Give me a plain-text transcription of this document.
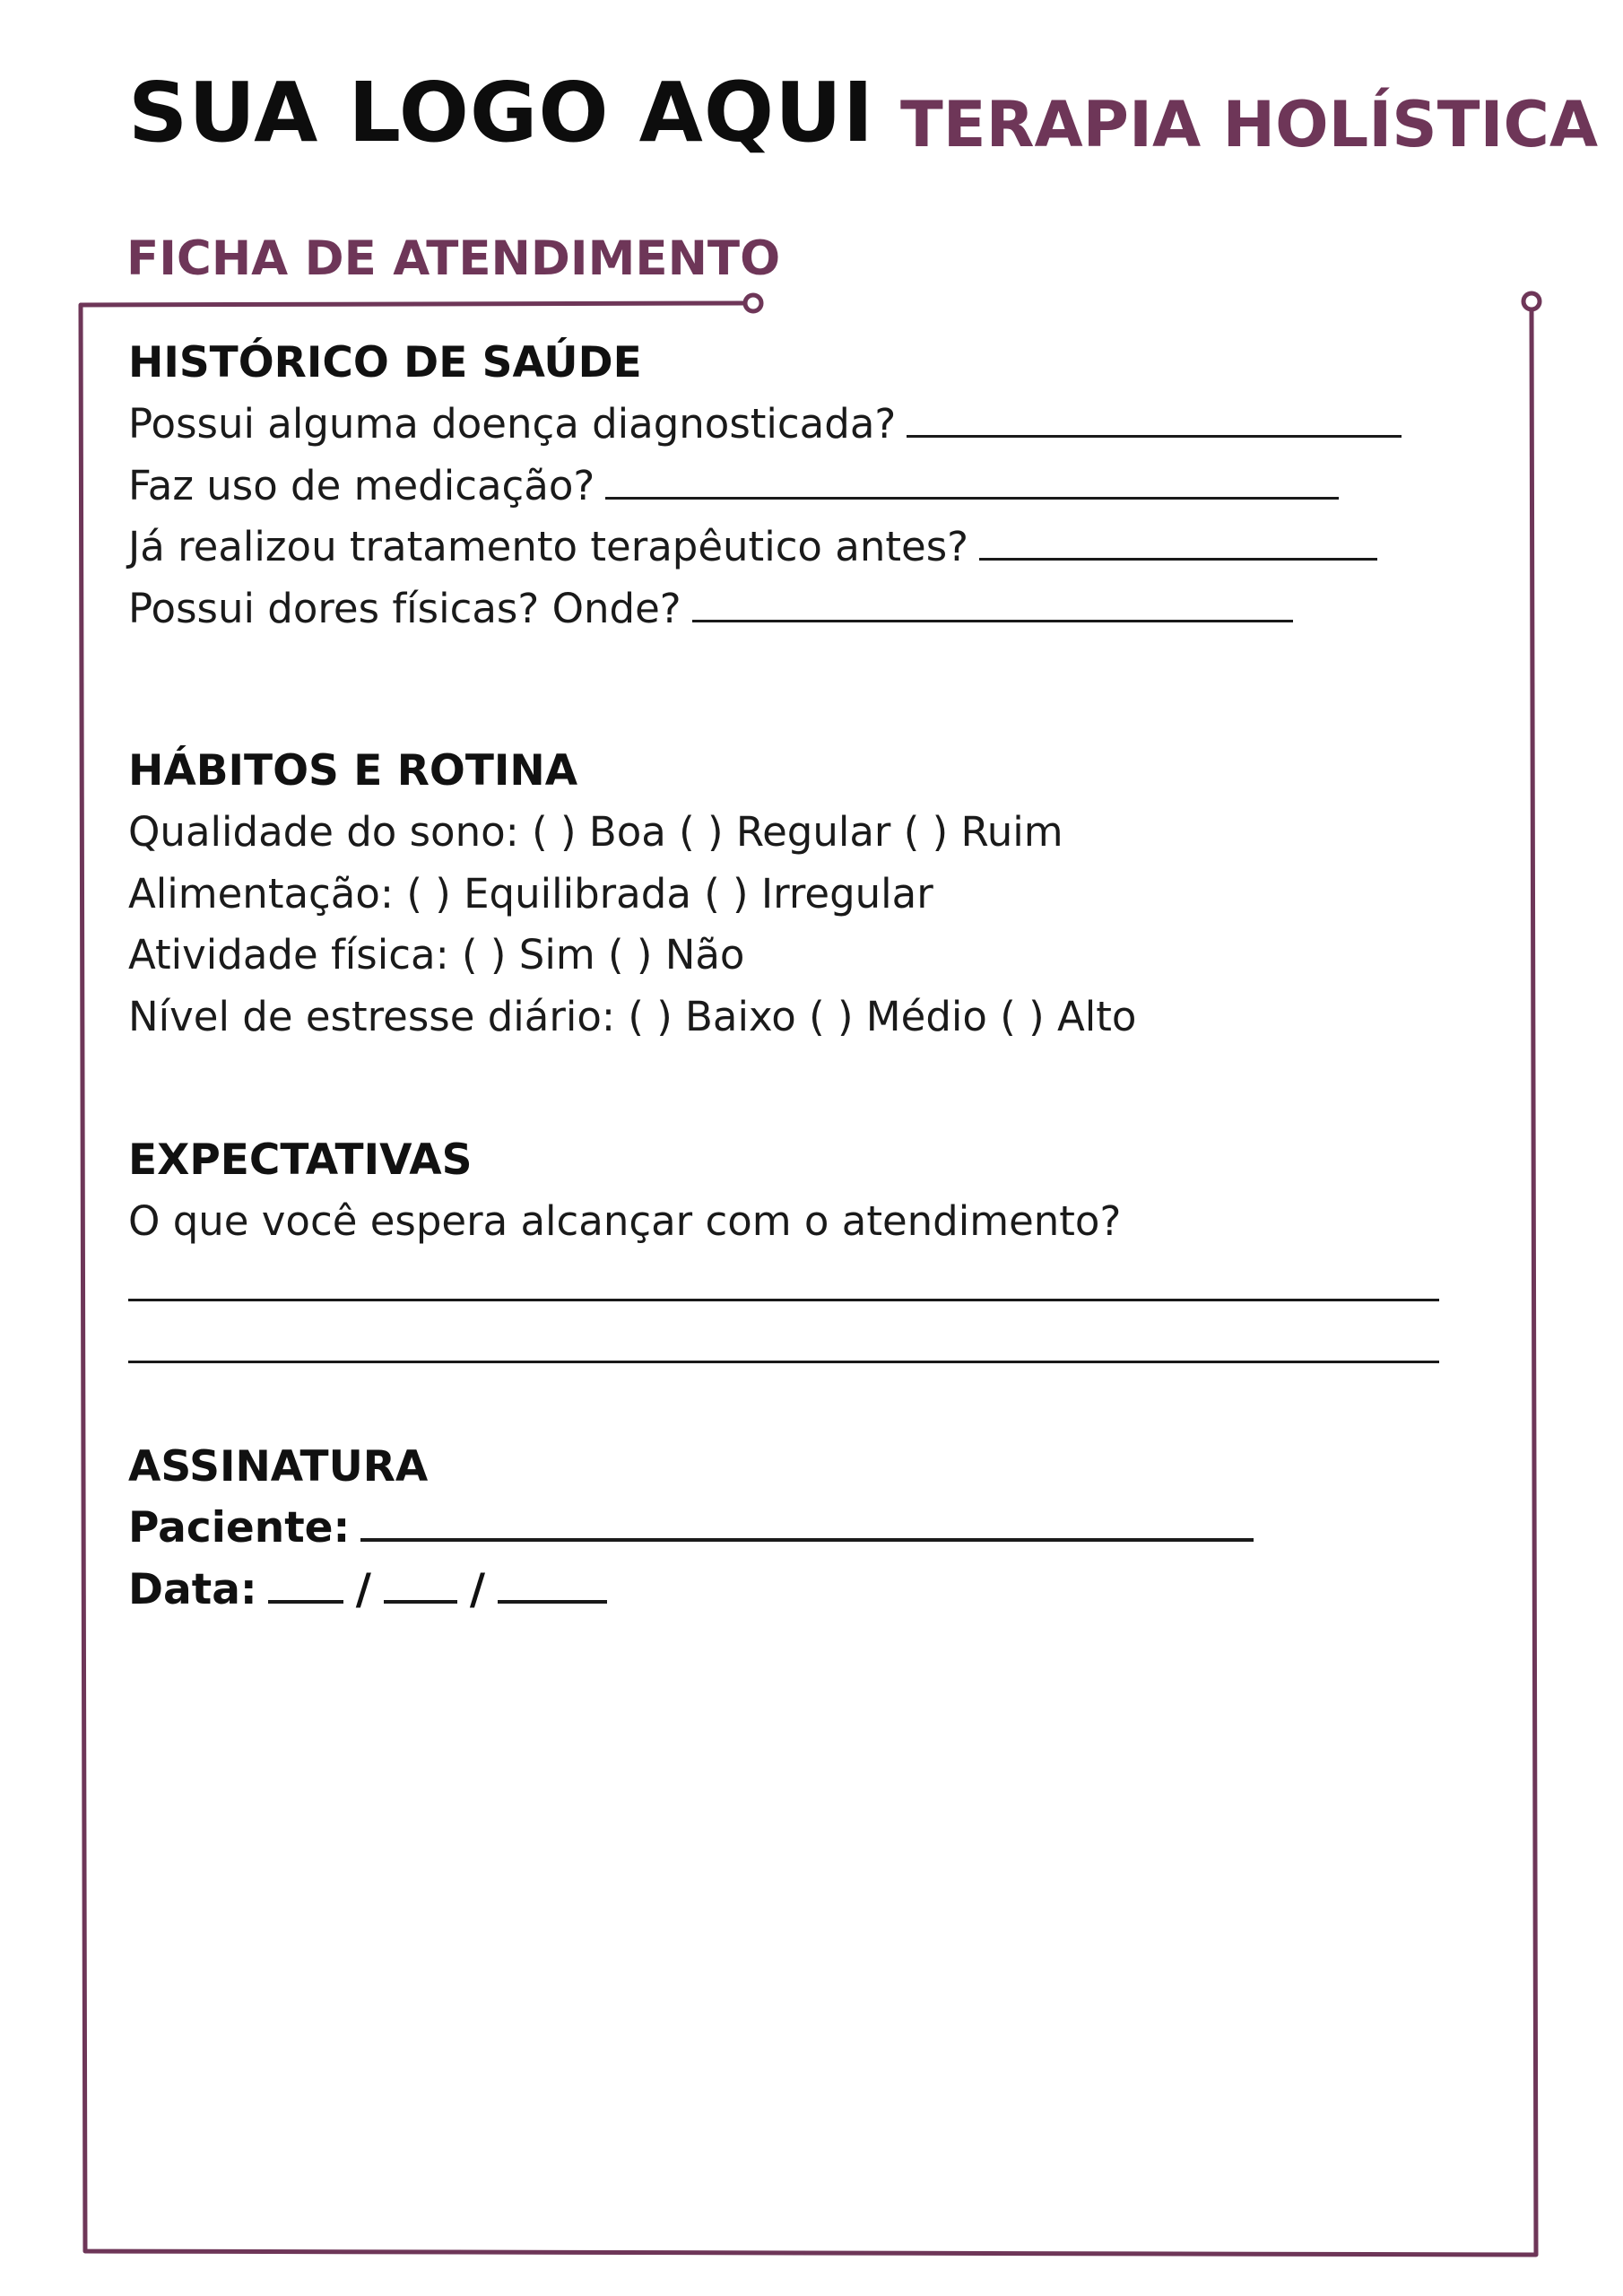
SUA LOGO AQUI TERAPIA HOLÍSTICA
FICHA DE ATENDIMENTO
HISTÓRICO DE SAÚDE
Possui alguma doença diagnosticada?
Faz uso de medicação?
Já realizou tratamento terapêutico antes?
Possui dores físicas? Onde?
HÁBITOS E ROTINA
Qualidade do sono: ( ) Boa ( ) Regular ( ) Ruim
Alimentação: ( ) Equilibrada ( ) Irregular
Atividade física: ( ) Sim ( ) Não
Nível de estresse diário: ( ) Baixo ( ) Médio ( ) Alto
EXPECTATIVAS
O que você espera alcançar com o atendimento?
ASSINATURA
Paciente:
Data: / /
